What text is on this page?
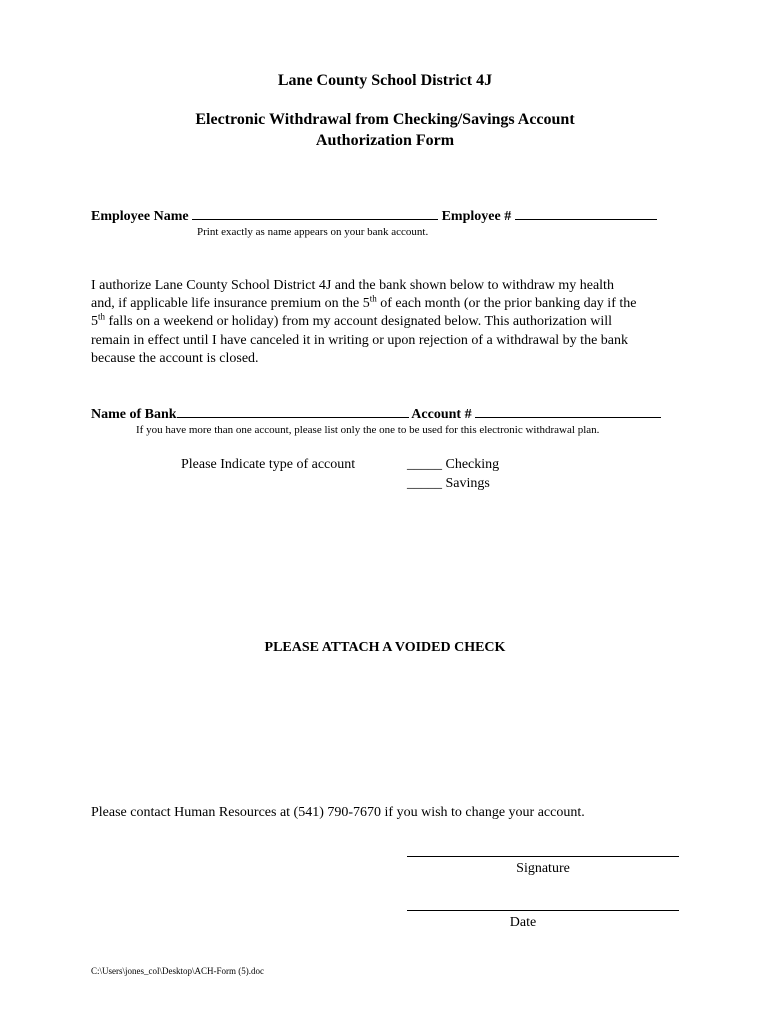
Lane County School District 4J
Electronic Withdrawal from Checking/Savings Account
Authorization Form
Employee Name	Employee #
Print exactly as name appears on your bank account.
I authorize Lane County School District 4J and the bank shown below to withdraw my health
and, if applicable life insurance premium on the 5th of each month (or the prior banking day if the
5th falls on a weekend or holiday) from my account designated below. This authorization will
remain in effect until I have canceled it in writing or upon rejection of a withdrawal by the bank
because the account is closed.
Name of Bank	Account #
If you have more than one account, please list only the one to be used for this electronic withdrawal plan.
Please Indicate type of account	_____ Checking
_____ Savings
PLEASE ATTACH A VOIDED CHECK
Please contact Human Resources at (541) 790-7670 if you wish to change your account.
Signature
Date
C:\Users\jones_col\Desktop\ACH-Form (5).doc
